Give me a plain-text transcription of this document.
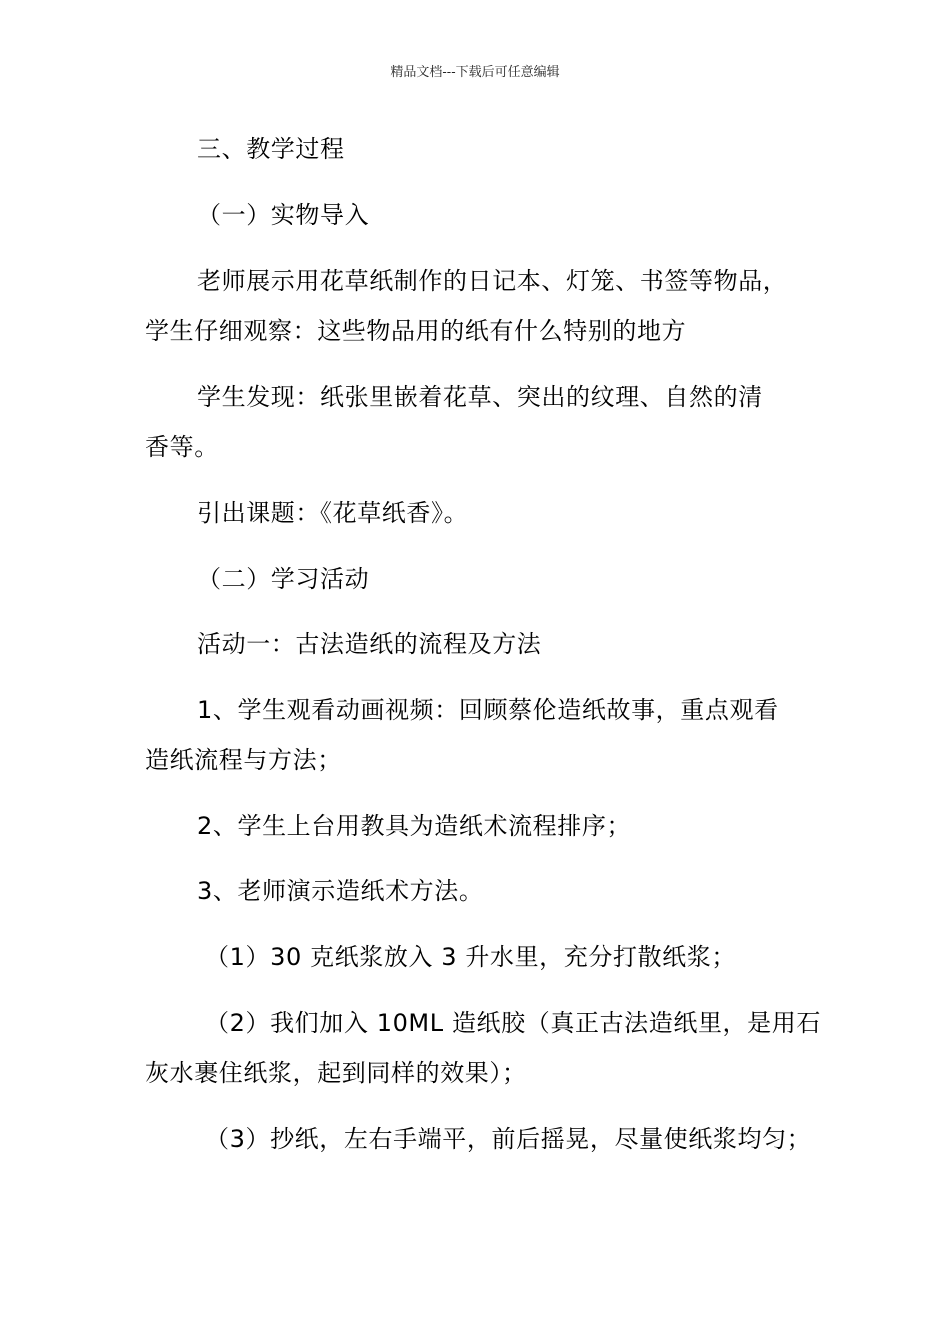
精品文档---下载后可任意编辑

三、教学过程

（一）实物导入

老师展示用花草纸制作的日记本、灯笼、书签等物品，
学生仔细观察：这些物品用的纸有什么特别的地方

学生发现：纸张里嵌着花草、突出的纹理、自然的清
香等。

引出课题：《花草纸香》。

（二）学习活动

活动一：古法造纸的流程及方法

1、学生观看动画视频：回顾蔡伦造纸故事，重点观看
造纸流程与方法；

2、学生上台用教具为造纸术流程排序；

3、老师演示造纸术方法。

（1）30 克纸浆放入 3 升水里，充分打散纸浆；

（2）我们加入 10ML 造纸胶（真正古法造纸里，是用石
灰水裹住纸浆，起到同样的效果）；

（3）抄纸，左右手端平，前后摇晃，尽量使纸浆均匀；
